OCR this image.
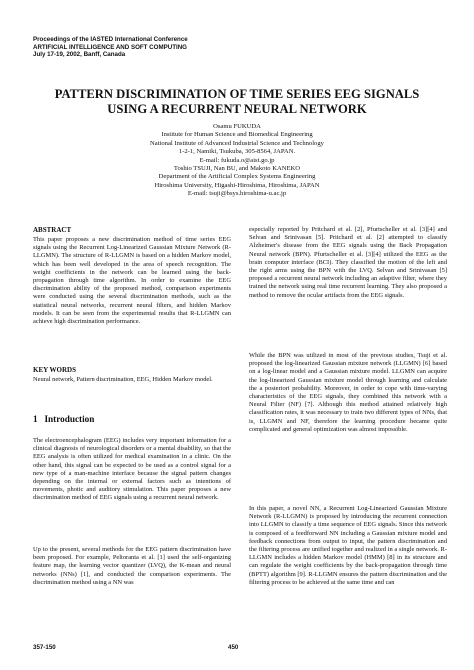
Proceedings of the IASTED International Conference
ARTIFICIAL INTELLIGENCE AND SOFT COMPUTING
July 17-19, 2002, Banff, Canada
PATTERN DISCRIMINATION OF TIME SERIES EEG SIGNALS
USING A RECURRENT NEURAL NETWORK
Osamu FUKUDA
Institute for Human Science and Biomedical Engineering
National Institute of Advanced Industrial Science and Technology
1-2-1, Namiki, Tsukuba, 305-8564, JAPAN.
E-mail: fukuda.o@aist.go.jp
Toshio TSUJI, Nan BU, and Makoto KANEKO
Department of the Artificial Complex Systems Engineering
Hiroshima University, Higashi-Hiroshima, Hiroshima, JAPAN
E-mail: tsuji@bsys.hiroshima-u.ac.jp
ABSTRACT

This paper proposes a new discrimination method of time series EEG signals using the Recurrent Log-Linearized Gaussian Mixture Network (R-LLGMN). The structure of R-LLGMN is based on a hidden Markov model, which has been well developed in the area of speech recognition. The weight coefficients in the network can be learned using the back-propagation through time algorithm. In order to examine the EEG discrimination ability of the proposed method, comparison experiments were conducted using the several discrimination methods, such as the statistical neural networks, recurrent neural filters, and hidden Markov models. It can be seen from the experimental results that R-LLGMN can achieve high discrimination performance.

KEY WORDS

Neural network, Pattern discrimination, EEG, Hidden Markov model.

1   Introduction

The electroencephalogram (EEG) includes very important information for a clinical diagnosis of neurological disorders or a mental disability, so that the EEG analysis is often utilized for medical examination in a clinic. On the other hand, this signal can be expected to be used as a control signal for a new type of a man-machine interface because the signal pattern changes depending on the internal or external factors such as intentions of movements, photic and auditory stimulation. This paper proposes a new discrimination method of EEG signals using a recurrent neural network.

Up to the present, several methods for the EEG pattern discrimination have been proposed. For example, Peltoranta et al. [1] used the self-organizing feature map, the learning vector quantizer (LVQ), the K-mean and neural networks (NNs) [1], and conducted the comparison experiments. The discrimination method using a NN was

especially reported by Pritchard et al. [2], Pfurtscheller et al. [3][4] and Selvan and Srinivasan [5]. Pritchard et al. [2] attempted to classify Alzheimer's disease from the EEG signals using the Back Propagation Neural network (BPN). Pfurtscheller et al. [3][4] utilized the EEG as the brain computer interface (BCI). They classified the motion of the left and the right arms using the BPN with the LVQ. Selvan and Srinivasan [5] proposed a recurrent neural network including an adaptive filter, where they trained the network using real time recurrent learning. They also proposed a method to remove the ocular artifacts from the EEG signals.

While the BPN was utilized in most of the previous studies, Tsuji et al. proposed the log-linearized Gaussian mixture network (LLGMN) [6] based on a log-linear model and a Gaussian mixture model. LLGMN can acquire the log-linearized Gaussian mixture model through learning and calculate the a posteriori probability. Moreover, in order to cope with time-varying characteristics of the EEG signals, they combined this network with a Neural Filter (NF) [7]. Although this method attained relatively high classification rates, it was necessary to train two different types of NNs, that is, LLGMN and NF, therefore the learning procedure became quite complicated and general optimization was almost impossible.

In this paper, a novel NN, a Recurrent Log-Linearized Gaussian Mixture Network (R-LLGMN) is proposed by introducing the recurrent connection into LLGMN to classify a time sequence of EEG signals. Since this network is composed of a feedforward NN including a Gaussian mixture model and feedback connections from output to input, the pattern discrimination and the filtering process are unified together and realized in a single network. R-LLGMN includes a hidden Markov model (HMM) [8] in its structure and can regulate the weight coefficients by the back-propagation through time (BPTT) algorithm [9]. R-LLGMN ensures the pattern discrimination and the filtering process to be achieved at the same time and can

357-150	450
